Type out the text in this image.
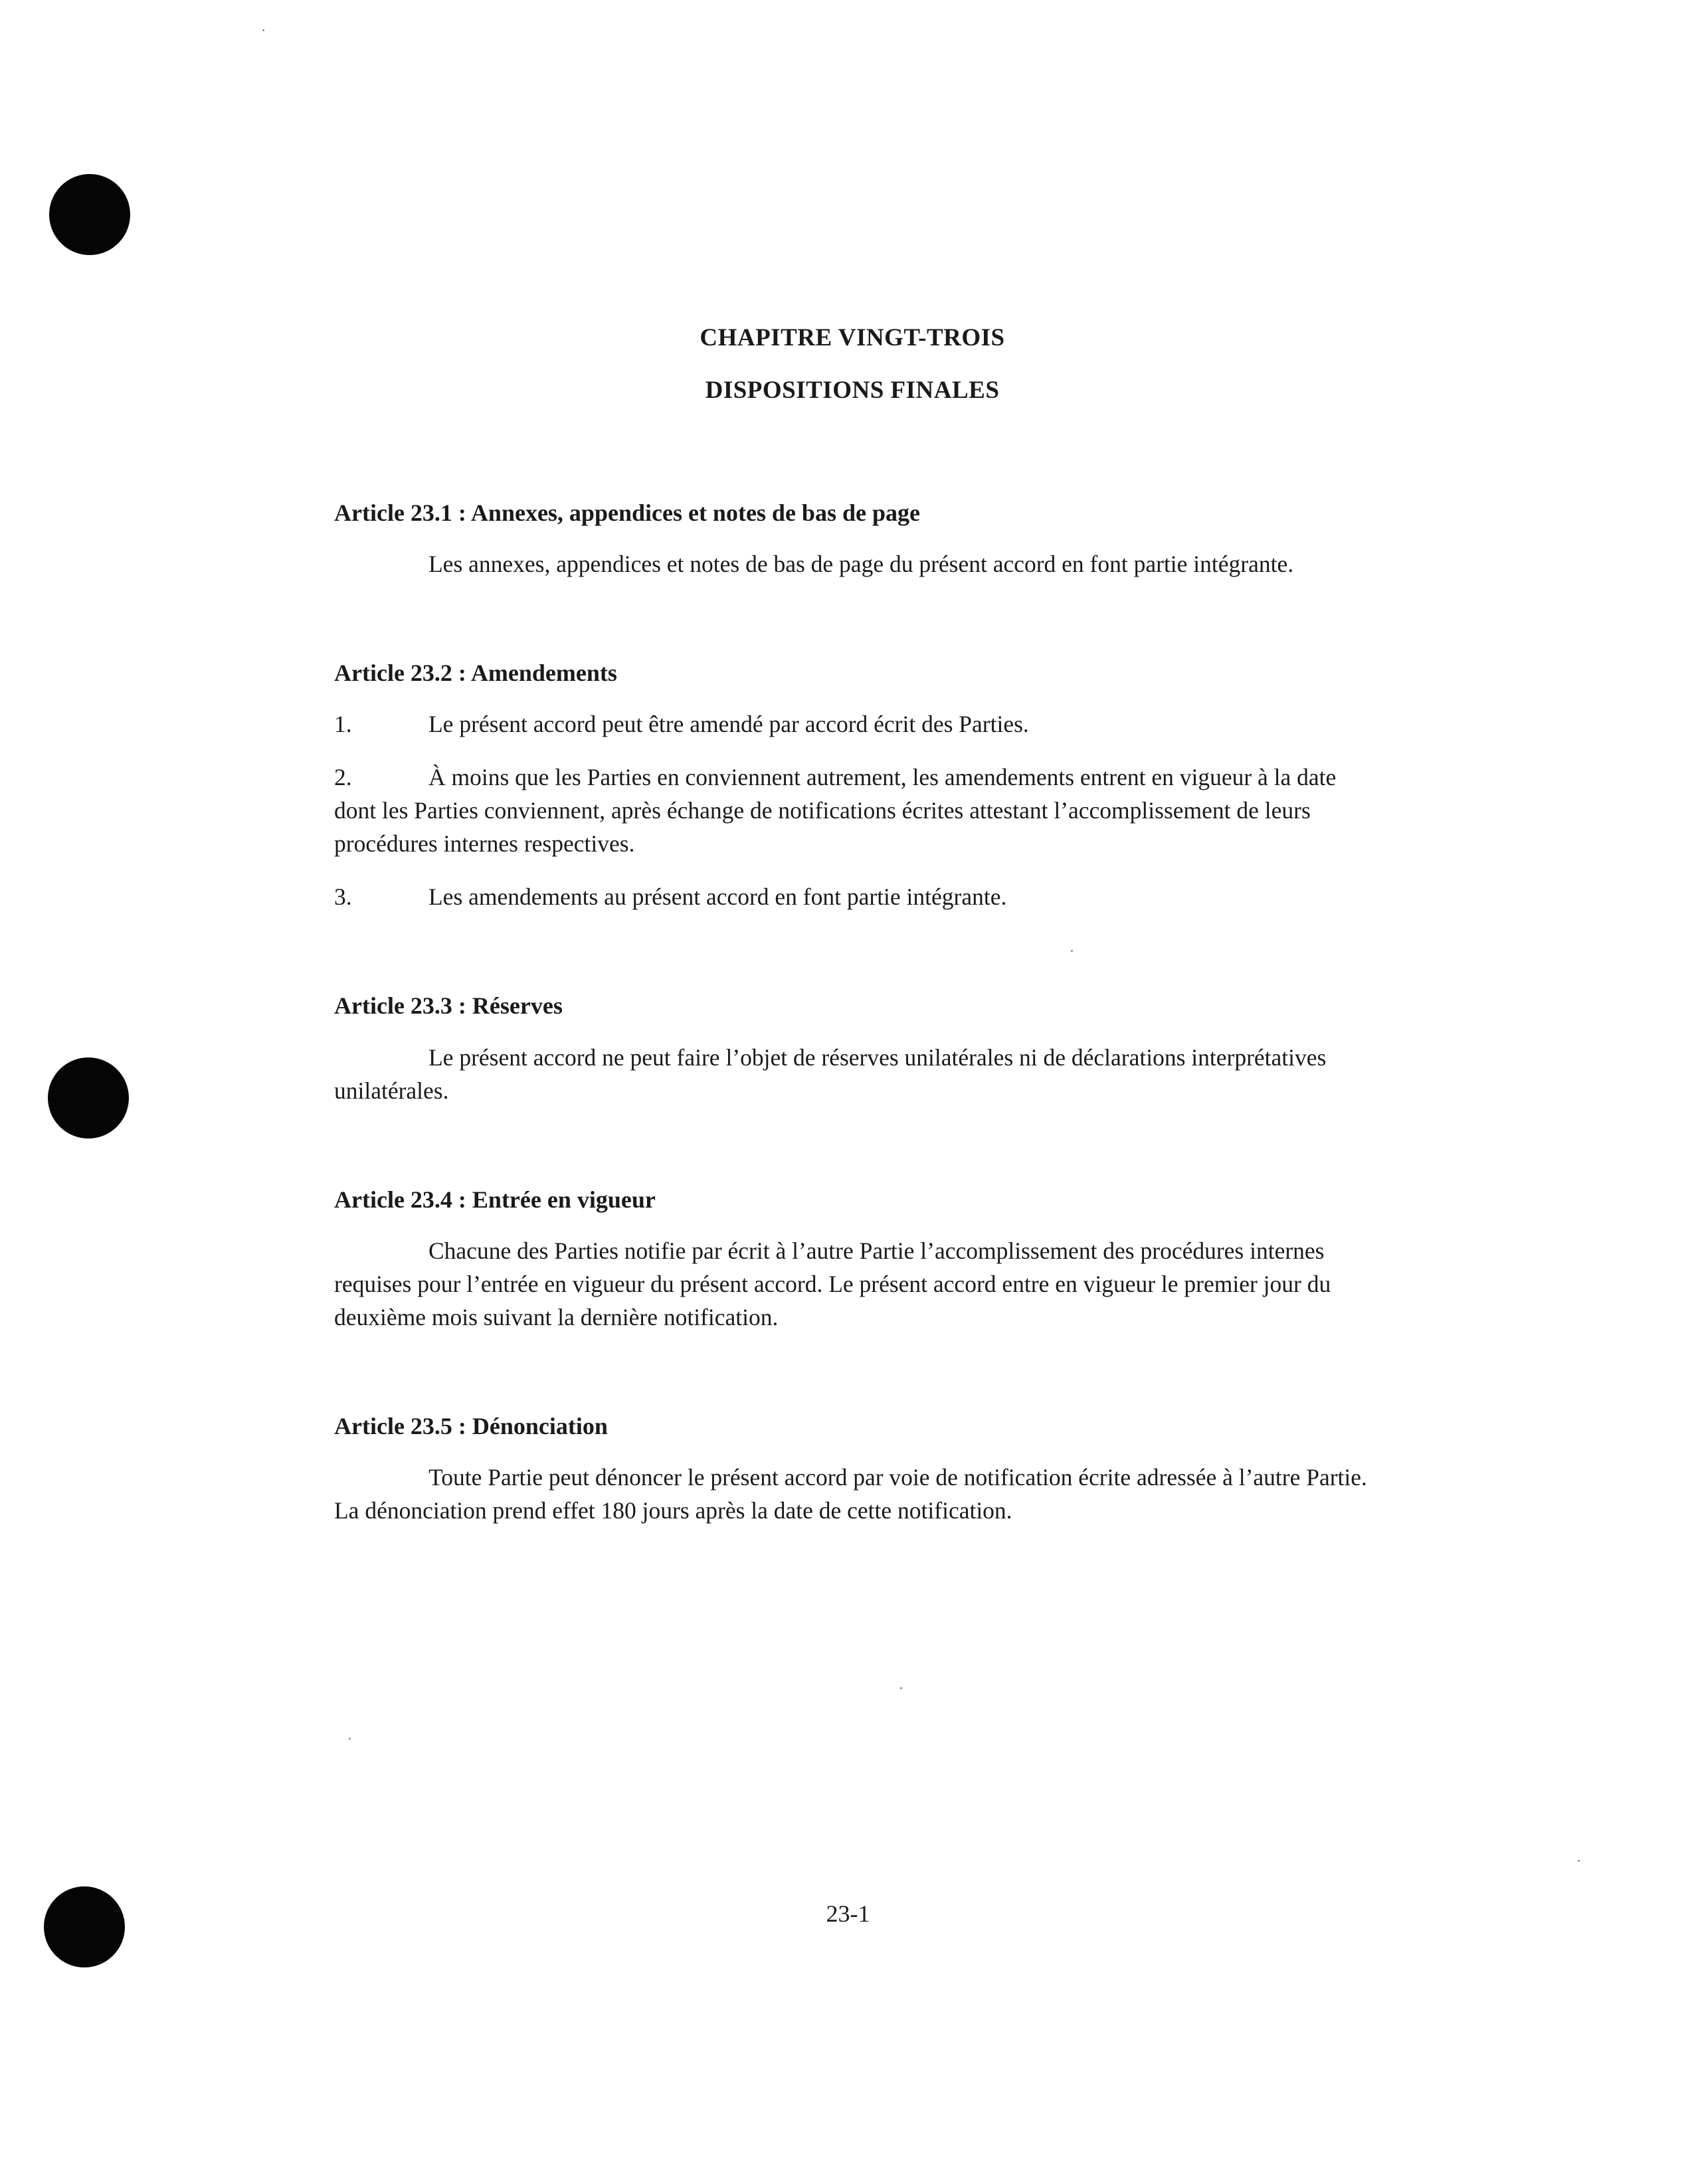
CHAPITRE VINGT-TROIS
DISPOSITIONS FINALES
Article 23.1 : Annexes, appendices et notes de bas de page

Les annexes, appendices et notes de bas de page du présent accord en font partie intégrante.

Article 23.2 : Amendements

1.	Le présent accord peut être amendé par accord écrit des Parties.

2.	À moins que les Parties en conviennent autrement, les amendements entrent en vigueur à la date dont les Parties conviennent, après échange de notifications écrites attestant l’accomplissement de leurs procédures internes respectives.

3.	Les amendements au présent accord en font partie intégrante.

Article 23.3 : Réserves

Le présent accord ne peut faire l’objet de réserves unilatérales ni de déclarations interprétatives unilatérales.

Article 23.4 : Entrée en vigueur

Chacune des Parties notifie par écrit à l’autre Partie l’accomplissement des procédures internes requises pour l’entrée en vigueur du présent accord. Le présent accord entre en vigueur le premier jour du deuxième mois suivant la dernière notification.

Article 23.5 : Dénonciation

Toute Partie peut dénoncer le présent accord par voie de notification écrite adressée à l’autre Partie. La dénonciation prend effet 180 jours après la date de cette notification.

23-1
